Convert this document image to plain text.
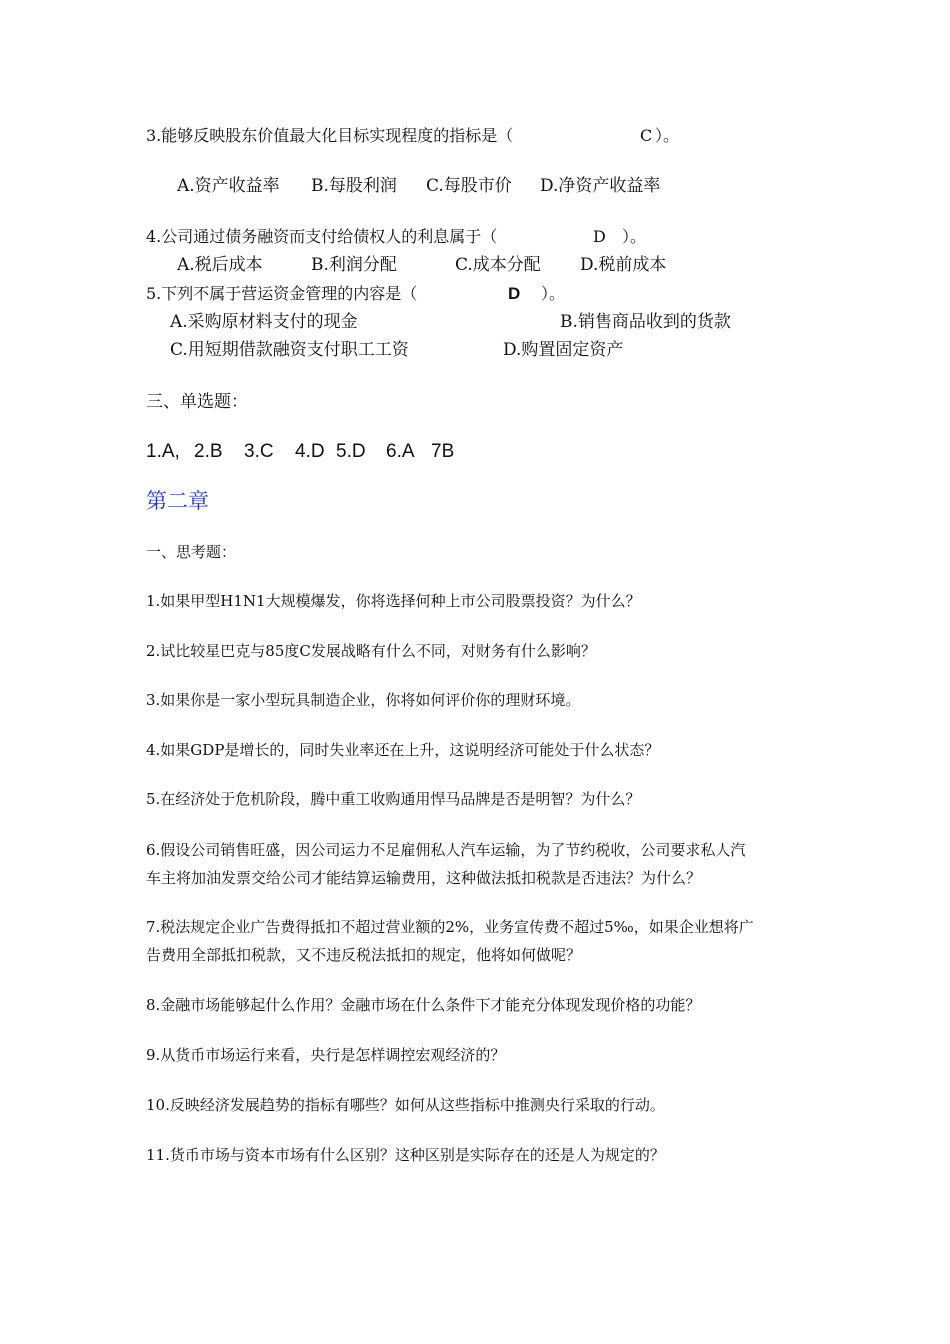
3.能够反映股东价值最大化目标实现程度的指标是（	C ）。
A.资产收益率 B.每股利润 C.每股市价 D.净资产收益率
4.公司通过债务融资而支付给债权人的利息属于（	D ）。
A.税后成本	B.利润分配	C.成本分配 D.税前成本
5.下列不属于营运资金管理的内容是（	D ）。
A.采购原材料支付的现金	B.销售商品收到的货款
C.用短期借款融资支付职工工资	D.购置固定资产
三、单选题：
1.A, 2.B 3.C 4.D 5.D 6.A 7B
第二章
一、思考题：
1.如果甲型H1N1大规模爆发，你将选择何种上市公司股票投资？为什么？
2.试比较星巴克与85度C发展战略有什么不同，对财务有什么影响？
3.如果你是一家小型玩具制造企业，你将如何评价你的理财环境。
4.如果GDP是增长的，同时失业率还在上升，这说明经济可能处于什么状态？
5.在经济处于危机阶段，腾中重工收购通用悍马品牌是否是明智？为什么？
6.假设公司销售旺盛，因公司运力不足雇佣私人汽车运输，为了节约税收，公司要求私人汽
车主将加油发票交给公司才能结算运输费用，这种做法抵扣税款是否违法？为什么？
7.税法规定企业广告费得抵扣不超过营业额的2%，业务宣传费不超过5‰，如果企业想将广
告费用全部抵扣税款，又不违反税法抵扣的规定，他将如何做呢？
8.金融市场能够起什么作用？金融市场在什么条件下才能充分体现发现价格的功能？
9.从货币市场运行来看，央行是怎样调控宏观经济的？
10.反映经济发展趋势的指标有哪些？如何从这些指标中推测央行采取的行动。
11.货币市场与资本市场有什么区别？这种区别是实际存在的还是人为规定的？
